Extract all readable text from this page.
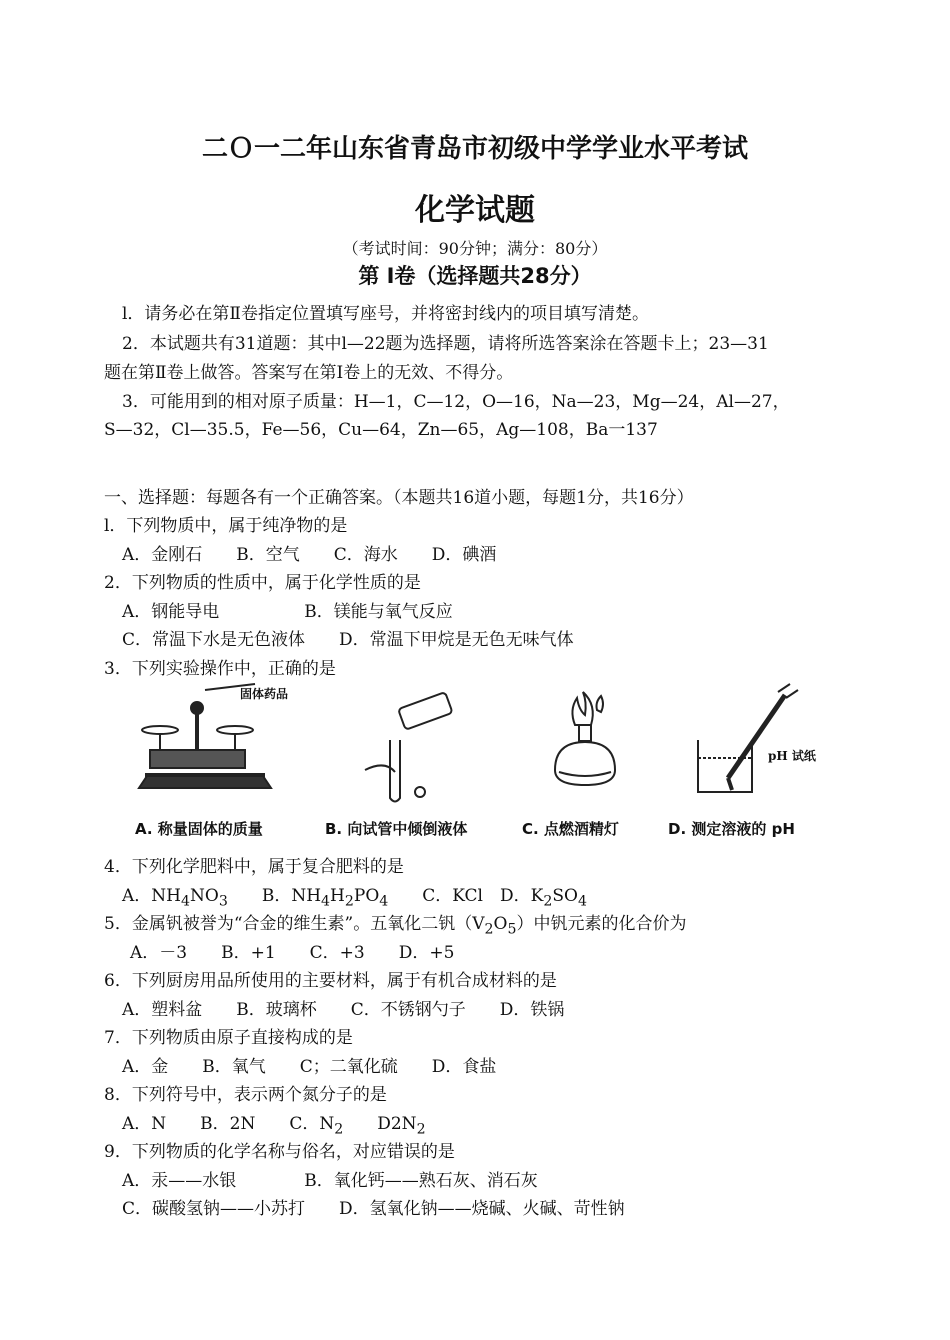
二Ｏ一二年山东省青岛市初级中学学业水平考试
化学试题
（考试时间：90分钟；满分：80分）
第 Ⅰ卷（选择题共28分）
l．请务必在第Ⅱ卷指定位置填写座号，并将密封线内的项目填写清楚。
2．本试题共有31道题：其中l—22题为选择题，请将所选答案涂在答题卡上；23—31
题在第Ⅱ卷上做答。答案写在第Ⅰ卷上的无效、不得分。
3．可能用到的相对原子质量：H—1，C—12，O—16，Na—23，Mg—24，Al—27，
S—32，Cl—35.5，Fe—56，Cu—64，Zn—65，Ag—108，Ba一137
一、选择题：每题各有一个正确答案。（本题共16道小题，每题1分，共16分）
l．下列物质中，属于纯净物的是
A．金刚石　　B．空气　　C．海水　　D．碘酒
2．下列物质的性质中，属于化学性质的是
A．钢能导电　　　　　B．镁能与氧气反应
C．常温下水是无色液体　　D．常温下甲烷是无色无味气体
3．下列实验操作中，正确的是
固体药品
A. 称量固体的质量	B. 向试管中倾倒液体	C. 点燃酒精灯
pH 试纸
D. 测定溶液的 pH
4．下列化学肥料中，属于复合肥料的是
A．$NH_4NO_3$　　B．$NH_4H_2PO_4$　　C．KCl　D．$K_2SO_4$
5．金属钒被誉为“合金的维生素”。五氧化二钒$(V_2O_5)$中钒元素的化合价为
A．－3　　B．+1　　C．+3　　D．+5
6．下列厨房用品所使用的主要材料，属于有机合成材料的是
A．塑料盆　　B．玻璃杯　　C．不锈钢勺子　　D．铁锅
7．下列物质由原子直接构成的是
A．金　　B．氧气　　C；二氧化硫　　D．食盐
8．下列符号中，表示两个氮分子的是
A．N　　B．2N　　C．$N_2$　　$D2N_2$
9．下列物质的化学名称与俗名，对应错误的是
A．汞——水银　　　　B．氧化钙——熟石灰、消石灰
C．碳酸氢钠——小苏打　　D．氢氧化钠——烧碱、火碱、苛性钠
